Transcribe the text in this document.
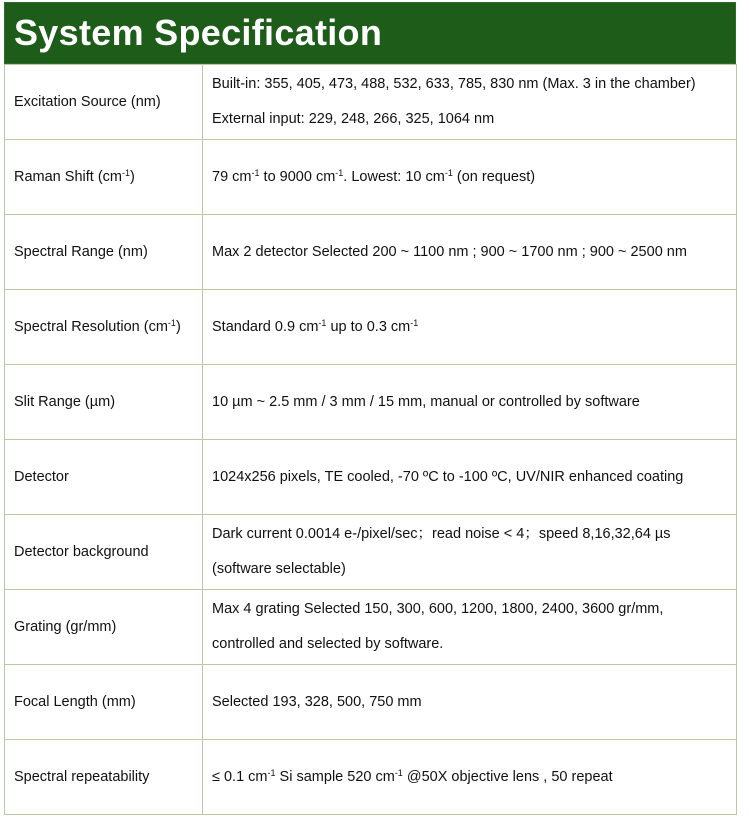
System Specification
Excitation Source (nm)	Built-in: 355, 405, 473, 488, 532, 633, 785, 830 nm (Max. 3 in the chamber)
External input: 229, 248, 266, 325, 1064 nm

Raman Shift $(cm^{-1})$	79 $cm^{-1}$ to 9000 $cm^{-1}$. Lowest: 10 $cm^{-1}$ (on request)

Spectral Range (nm)	Max 2 detector Selected 200 ~ 1100 nm ; 900 ~ 1700 nm ; 900 ~ 2500 nm

Spectral Resolution $(cm^{-1})$	Standard 0.9 $cm^{-1}$ up to 0.3 $cm^{-1}$

Slit Range (µm)	10 µm ~ 2.5 mm / 3 mm / 15 mm, manual or controlled by software

Detector	1024x256 pixels, TE cooled, -70 ºC to -100 ºC, UV/NIR enhanced coating

Detector background	Dark current 0.0014 e-/pixel/sec；read noise < 4；speed 8,16,32,64 µs
(software selectable)

Grating (gr/mm)	Max 4 grating Selected 150, 300, 600, 1200, 1800, 2400, 3600 gr/mm,
controlled and selected by software.

Focal Length (mm)	Selected 193, 328, 500, 750 mm

Spectral repeatability	≤ 0.1 $cm^{-1}$ Si sample 520 $cm^{-1}$ @50X objective lens , 50 repeat
